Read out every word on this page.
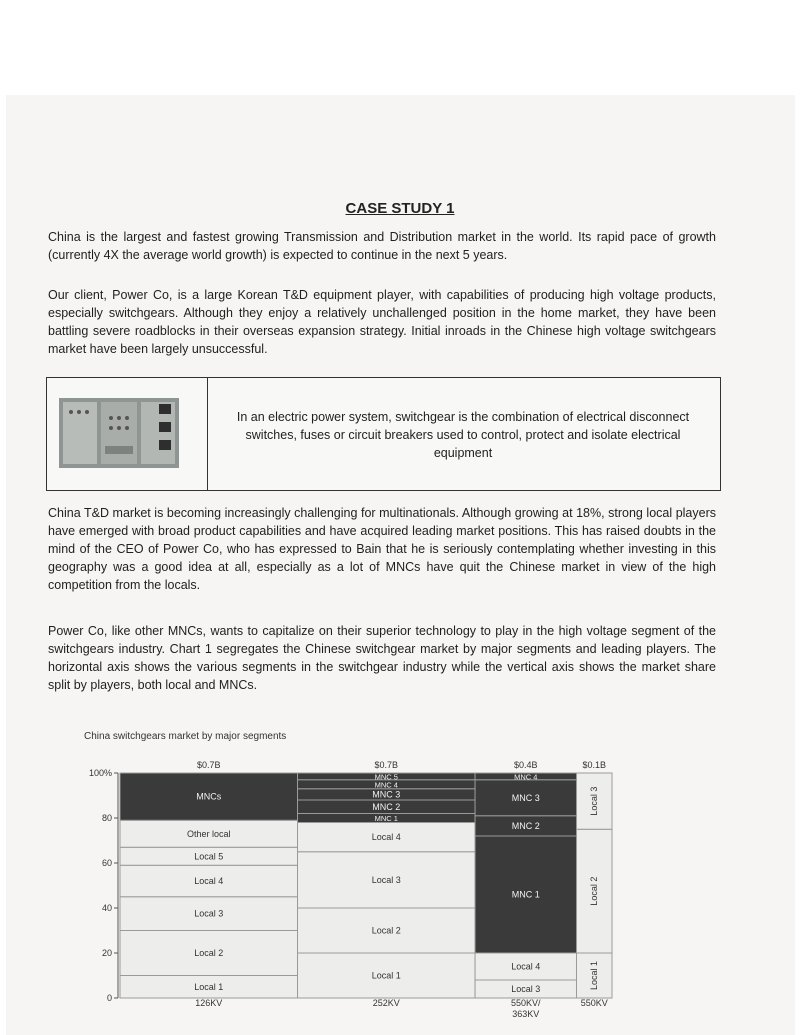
CASE STUDY 1
China is the largest and fastest growing Transmission and Distribution market in the world. Its rapid pace of growth (currently 4X the average world growth) is expected to continue in the next 5 years.
Our client, Power Co, is a large Korean T&D equipment player, with capabilities of producing high voltage products, especially switchgears. Although they enjoy a relatively unchallenged position in the home market, they have been battling severe roadblocks in their overseas expansion strategy. Initial inroads in the Chinese high voltage switchgears market have been largely unsuccessful.
In an electric power system, switchgear is the combination of electrical disconnect switches, fuses or circuit breakers used to control, protect and isolate electrical equipment
China T&D market is becoming increasingly challenging for multinationals. Although growing at 18%, strong local players have emerged with broad product capabilities and have acquired leading market positions. This has raised doubts in the mind of the CEO of Power Co, who has expressed to Bain that he is seriously contemplating whether investing in this geography was a good idea at all, especially as a lot of MNCs have quit the Chinese market in view of the high competition from the locals.
Power Co, like other MNCs, wants to capitalize on their superior technology to play in the high voltage segment of the switchgears industry. Chart 1 segregates the Chinese switchgear market by major segments and leading players. The horizontal axis shows the various segments in the switchgear industry while the vertical axis shows the market share split by players, both local and MNCs.
China switchgears market by major segments
0
20
40
60
80
100%
Local 1
Local 2
Local 3
Local 4
Local 5
Other local
MNCs
$0.7B
126KV
Local 1
Local 2
Local 3
Local 4
MNC 1
MNC 2
MNC 3
MNC 4
MNC 5
$0.7B
252KV
Local 3
Local 4
MNC 1
MNC 2
MNC 3
MNC 4
$0.4B
550KV/
363KV
Local 1
Local 2
Local 3
$0.1B
550KV
